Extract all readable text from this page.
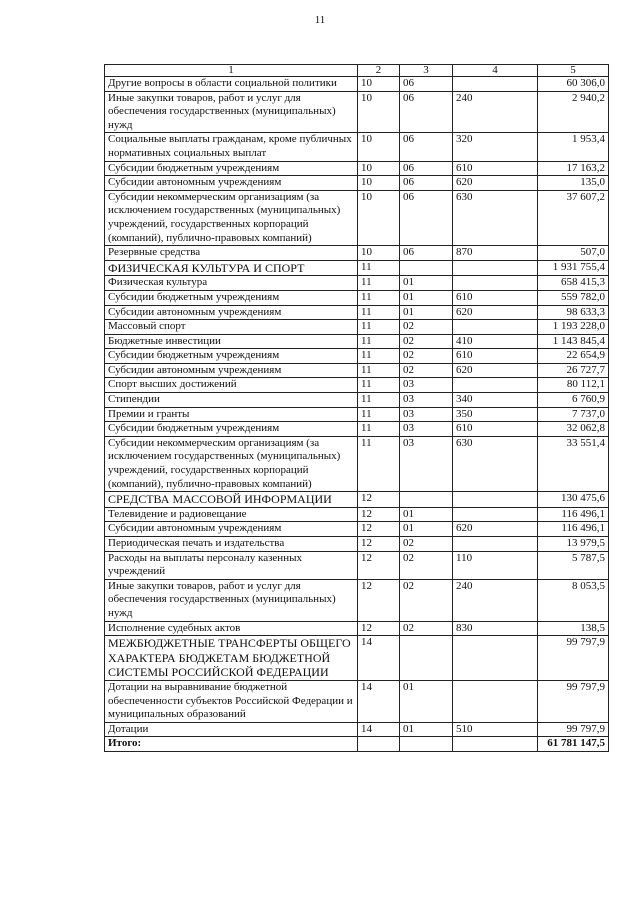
11
1	2	3	4	5
Другие вопросы в области социальной политики	10	06		60 306,0
Иные закупки товаров, работ и услуг для обеспечения государственных (муниципальных) нужд	10	06	240	2 940,2
Социальные выплаты гражданам, кроме публичных нормативных социальных выплат	10	06	320	1 953,4
Субсидии бюджетным учреждениям	10	06	610	17 163,2
Субсидии автономным учреждениям	10	06	620	135,0
Субсидии некоммерческим организациям (за исключением государственных (муниципальных) учреждений, государственных корпораций (компаний), публично-правовых компаний)	10	06	630	37 607,2
Резервные средства	10	06	870	507,0
ФИЗИЧЕСКАЯ КУЛЬТУРА И СПОРТ	11			1 931 755,4
Физическая культура	11	01		658 415,3
Субсидии бюджетным учреждениям	11	01	610	559 782,0
Субсидии автономным учреждениям	11	01	620	98 633,3
Массовый спорт	11	02		1 193 228,0
Бюджетные инвестиции	11	02	410	1 143 845,4
Субсидии бюджетным учреждениям	11	02	610	22 654,9
Субсидии автономным учреждениям	11	02	620	26 727,7
Спорт высших достижений	11	03		80 112,1
Стипендии	11	03	340	6 760,9
Премии и гранты	11	03	350	7 737,0
Субсидии бюджетным учреждениям	11	03	610	32 062,8
Субсидии некоммерческим организациям (за исключением государственных (муниципальных) учреждений, государственных корпораций (компаний), публично-правовых компаний)	11	03	630	33 551,4
СРЕДСТВА МАССОВОЙ ИНФОРМАЦИИ	12			130 475,6
Телевидение и радиовещание	12	01		116 496,1
Субсидии автономным учреждениям	12	01	620	116 496,1
Периодическая печать и издательства	12	02		13 979,5
Расходы на выплаты персоналу казенных учреждений	12	02	110	5 787,5
Иные закупки товаров, работ и услуг для обеспечения государственных (муниципальных) нужд	12	02	240	8 053,5
Исполнение судебных актов	12	02	830	138,5
МЕЖБЮДЖЕТНЫЕ ТРАНСФЕРТЫ ОБЩЕГО ХАРАКТЕРА БЮДЖЕТАМ БЮДЖЕТНОЙ СИСТЕМЫ РОССИЙСКОЙ ФЕДЕРАЦИИ	14			99 797,9
Дотации на выравнивание бюджетной обеспеченности субъектов Российской Федерации и муниципальных образований	14	01		99 797,9
Дотации	14	01	510	99 797,9
Итого:				61 781 147,5
